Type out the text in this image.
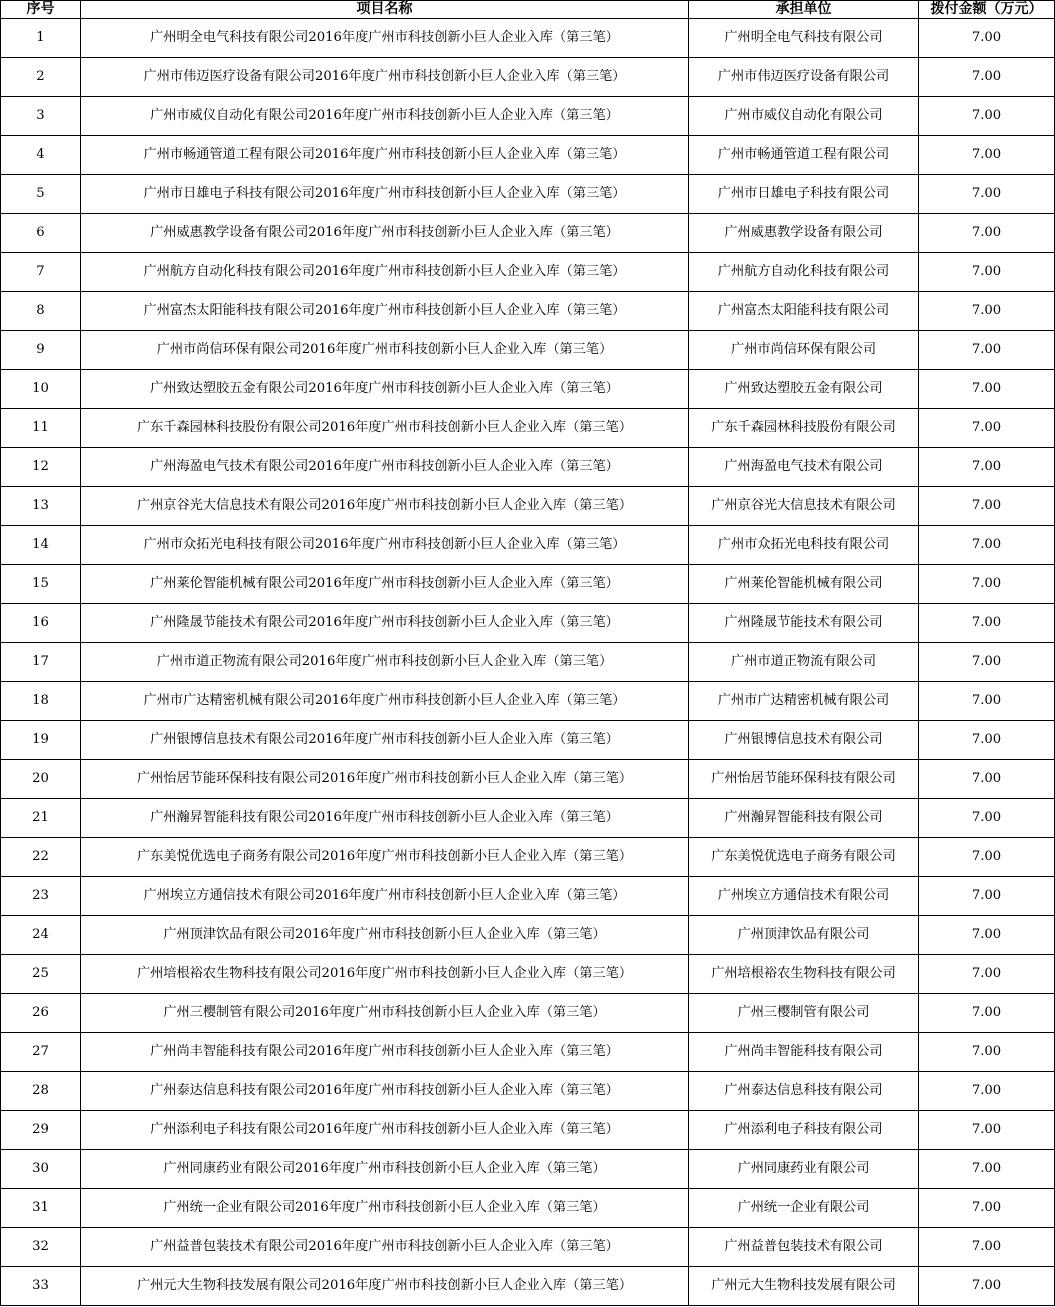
序号	项目名称	承担单位	拨付金额（万元）
1	广州明全电气科技有限公司2016年度广州市科技创新小巨人企业入库（第三笔）	广州明全电气科技有限公司	7.00
2	广州市伟迈医疗设备有限公司2016年度广州市科技创新小巨人企业入库（第三笔）	广州市伟迈医疗设备有限公司	7.00
3	广州市威仪自动化有限公司2016年度广州市科技创新小巨人企业入库（第三笔）	广州市威仪自动化有限公司	7.00
4	广州市畅通管道工程有限公司2016年度广州市科技创新小巨人企业入库（第三笔）	广州市畅通管道工程有限公司	7.00
5	广州市日雄电子科技有限公司2016年度广州市科技创新小巨人企业入库（第三笔）	广州市日雄电子科技有限公司	7.00
6	广州威惠教学设备有限公司2016年度广州市科技创新小巨人企业入库（第三笔）	广州威惠教学设备有限公司	7.00
7	广州航方自动化科技有限公司2016年度广州市科技创新小巨人企业入库（第三笔）	广州航方自动化科技有限公司	7.00
8	广州富杰太阳能科技有限公司2016年度广州市科技创新小巨人企业入库（第三笔）	广州富杰太阳能科技有限公司	7.00
9	广州市尚信环保有限公司2016年度广州市科技创新小巨人企业入库（第三笔）	广州市尚信环保有限公司	7.00
10	广州致达塑胶五金有限公司2016年度广州市科技创新小巨人企业入库（第三笔）	广州致达塑胶五金有限公司	7.00
11	广东千森园林科技股份有限公司2016年度广州市科技创新小巨人企业入库（第三笔）	广东千森园林科技股份有限公司	7.00
12	广州海盈电气技术有限公司2016年度广州市科技创新小巨人企业入库（第三笔）	广州海盈电气技术有限公司	7.00
13	广州京谷光大信息技术有限公司2016年度广州市科技创新小巨人企业入库（第三笔）	广州京谷光大信息技术有限公司	7.00
14	广州市众拓光电科技有限公司2016年度广州市科技创新小巨人企业入库（第三笔）	广州市众拓光电科技有限公司	7.00
15	广州莱伦智能机械有限公司2016年度广州市科技创新小巨人企业入库（第三笔）	广州莱伦智能机械有限公司	7.00
16	广州隆晟节能技术有限公司2016年度广州市科技创新小巨人企业入库（第三笔）	广州隆晟节能技术有限公司	7.00
17	广州市道正物流有限公司2016年度广州市科技创新小巨人企业入库（第三笔）	广州市道正物流有限公司	7.00
18	广州市广达精密机械有限公司2016年度广州市科技创新小巨人企业入库（第三笔）	广州市广达精密机械有限公司	7.00
19	广州银博信息技术有限公司2016年度广州市科技创新小巨人企业入库（第三笔）	广州银博信息技术有限公司	7.00
20	广州怡居节能环保科技有限公司2016年度广州市科技创新小巨人企业入库（第三笔）	广州怡居节能环保科技有限公司	7.00
21	广州瀚昇智能科技有限公司2016年度广州市科技创新小巨人企业入库（第三笔）	广州瀚昇智能科技有限公司	7.00
22	广东美悦优选电子商务有限公司2016年度广州市科技创新小巨人企业入库（第三笔）	广东美悦优选电子商务有限公司	7.00
23	广州埃立方通信技术有限公司2016年度广州市科技创新小巨人企业入库（第三笔）	广州埃立方通信技术有限公司	7.00
24	广州顶津饮品有限公司2016年度广州市科技创新小巨人企业入库（第三笔）	广州顶津饮品有限公司	7.00
25	广州培根裕农生物科技有限公司2016年度广州市科技创新小巨人企业入库（第三笔）	广州培根裕农生物科技有限公司	7.00
26	广州三樱制管有限公司2016年度广州市科技创新小巨人企业入库（第三笔）	广州三樱制管有限公司	7.00
27	广州尚丰智能科技有限公司2016年度广州市科技创新小巨人企业入库（第三笔）	广州尚丰智能科技有限公司	7.00
28	广州泰达信息科技有限公司2016年度广州市科技创新小巨人企业入库（第三笔）	广州泰达信息科技有限公司	7.00
29	广州添利电子科技有限公司2016年度广州市科技创新小巨人企业入库（第三笔）	广州添利电子科技有限公司	7.00
30	广州同康药业有限公司2016年度广州市科技创新小巨人企业入库（第三笔）	广州同康药业有限公司	7.00
31	广州统一企业有限公司2016年度广州市科技创新小巨人企业入库（第三笔）	广州统一企业有限公司	7.00
32	广州益普包装技术有限公司2016年度广州市科技创新小巨人企业入库（第三笔）	广州益普包装技术有限公司	7.00
33	广州元大生物科技发展有限公司2016年度广州市科技创新小巨人企业入库（第三笔）	广州元大生物科技发展有限公司	7.00
